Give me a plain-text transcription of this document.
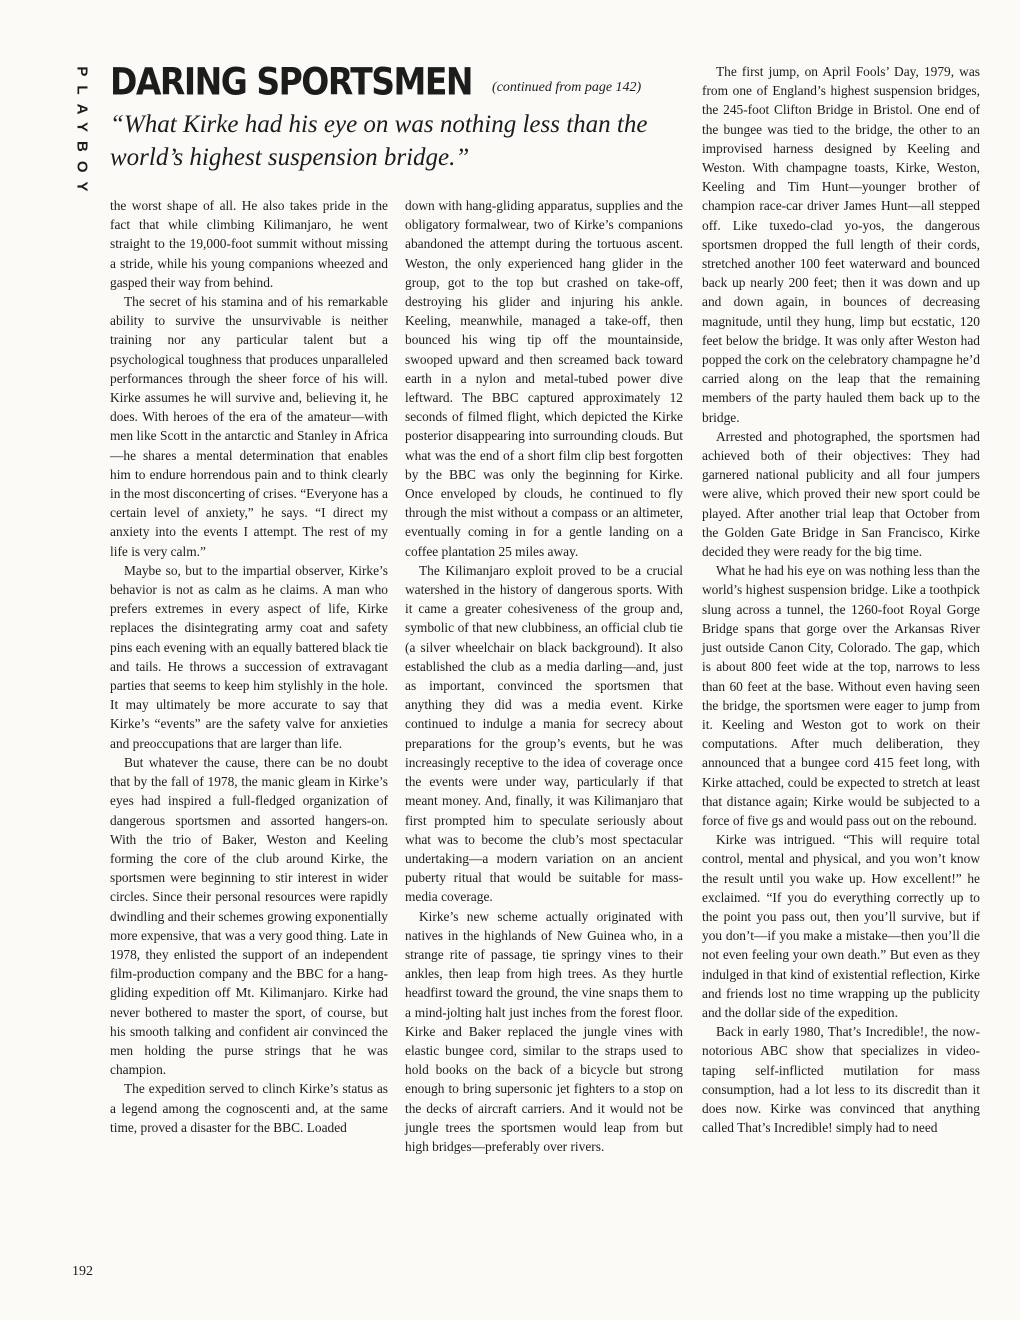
PLAYBOY DARING SPORTSMEN (continued from page 142)

“What Kirke had his eye on was nothing less than the world’s highest suspension bridge.”

the worst shape of all. He also takes pride in the fact that while climbing Kilimanjaro, he went straight to the 19,000-foot summit without missing a stride, while his young companions wheezed and gasped their way from behind.

The secret of his stamina and of his remarkable ability to survive the unsurvivable is neither training nor any particular talent but a psychological toughness that produces unparalleled performances through the sheer force of his will. Kirke assumes he will survive and, believing it, he does. With heroes of the era of the amateur—with men like Scott in the antarctic and Stanley in Africa—he shares a mental determination that enables him to endure horrendous pain and to think clearly in the most disconcerting of crises. “Everyone has a certain level of anxiety,” he says. “I direct my anxiety into the events I attempt. The rest of my life is very calm.”

Maybe so, but to the impartial observer, Kirke’s behavior is not as calm as he claims. A man who prefers extremes in every aspect of life, Kirke replaces the disintegrating army coat and safety pins each evening with an equally battered black tie and tails. He throws a succession of extravagant parties that seems to keep him stylishly in the hole. It may ultimately be more accurate to say that Kirke’s “events” are the safety valve for anxieties and preoccupations that are larger than life.

But whatever the cause, there can be no doubt that by the fall of 1978, the manic gleam in Kirke’s eyes had inspired a full-fledged organization of dangerous sportsmen and assorted hangers-on. With the trio of Baker, Weston and Keeling forming the core of the club around Kirke, the sportsmen were beginning to stir interest in wider circles. Since their personal resources were rapidly dwindling and their schemes growing exponentially more expensive, that was a very good thing. Late in 1978, they enlisted the support of an independent film-production company and the BBC for a hang-gliding expedition off Mt. Kilimanjaro. Kirke had never bothered to master the sport, of course, but his smooth talking and confident air convinced the men holding the purse strings that he was champion.

The expedition served to clinch Kirke’s status as a legend among the cognoscenti and, at the same time, proved a disaster for the BBC. Loaded

down with hang-gliding apparatus, supplies and the obligatory formalwear, two of Kirke’s companions abandoned the attempt during the tortuous ascent. Weston, the only experienced hang glider in the group, got to the top but crashed on take-off, destroying his glider and injuring his ankle. Keeling, meanwhile, managed a take-off, then bounced his wing tip off the mountainside, swooped upward and then screamed back toward earth in a nylon and metal-tubed power dive leftward. The BBC captured approximately 12 seconds of filmed flight, which depicted the Kirke posterior disappearing into surrounding clouds. But what was the end of a short film clip best forgotten by the BBC was only the beginning for Kirke. Once enveloped by clouds, he continued to fly through the mist without a compass or an altimeter, eventually coming in for a gentle landing on a coffee plantation 25 miles away.

The Kilimanjaro exploit proved to be a crucial watershed in the history of dangerous sports. With it came a greater cohesiveness of the group and, symbolic of that new clubbiness, an official club tie (a silver wheelchair on black background). It also established the club as a media darling—and, just as important, convinced the sportsmen that anything they did was a media event. Kirke continued to indulge a mania for secrecy about preparations for the group’s events, but he was increasingly receptive to the idea of coverage once the events were under way, particularly if that meant money. And, finally, it was Kilimanjaro that first prompted him to speculate seriously about what was to become the club’s most spectacular undertaking—a modern variation on an ancient puberty ritual that would be suitable for mass-media coverage.

Kirke’s new scheme actually originated with natives in the highlands of New Guinea who, in a strange rite of passage, tie springy vines to their ankles, then leap from high trees. As they hurtle headfirst toward the ground, the vine snaps them to a mind-jolting halt just inches from the forest floor. Kirke and Baker replaced the jungle vines with elastic bungee cord, similar to the straps used to hold books on the back of a bicycle but strong enough to bring supersonic jet fighters to a stop on the decks of aircraft carriers. And it would not be jungle trees the sportsmen would leap from but high bridges—preferably over rivers.

The first jump, on April Fools’ Day, 1979, was from one of England’s highest suspension bridges, the 245-foot Clifton Bridge in Bristol. One end of the bungee was tied to the bridge, the other to an improvised harness designed by Keeling and Weston. With champagne toasts, Kirke, Weston, Keeling and Tim Hunt—younger brother of champion race-car driver James Hunt—all stepped off. Like tuxedo-clad yo-yos, the dangerous sportsmen dropped the full length of their cords, stretched another 100 feet waterward and bounced back up nearly 200 feet; then it was down and up and down again, in bounces of decreasing magnitude, until they hung, limp but ecstatic, 120 feet below the bridge. It was only after Weston had popped the cork on the celebratory champagne he’d carried along on the leap that the remaining members of the party hauled them back up to the bridge.

Arrested and photographed, the sportsmen had achieved both of their objectives: They had garnered national publicity and all four jumpers were alive, which proved their new sport could be played. After another trial leap that October from the Golden Gate Bridge in San Francisco, Kirke decided they were ready for the big time.

What he had his eye on was nothing less than the world’s highest suspension bridge. Like a toothpick slung across a tunnel, the 1260-foot Royal Gorge Bridge spans that gorge over the Arkansas River just outside Canon City, Colorado. The gap, which is about 800 feet wide at the top, narrows to less than 60 feet at the base. Without even having seen the bridge, the sportsmen were eager to jump from it. Keeling and Weston got to work on their computations. After much deliberation, they announced that a bungee cord 415 feet long, with Kirke attached, could be expected to stretch at least that distance again; Kirke would be subjected to a force of five gs and would pass out on the rebound.

Kirke was intrigued. “This will require total control, mental and physical, and you won’t know the result until you wake up. How excellent!” he exclaimed. “If you do everything correctly up to the point you pass out, then you’ll survive, but if you don’t—if you make a mistake—then you’ll die not even feeling your own death.” But even as they indulged in that kind of existential reflection, Kirke and friends lost no time wrapping up the publicity and the dollar side of the expedition.

Back in early 1980, That’s Incredible!, the now-notorious ABC show that specializes in video-taping self-inflicted mutilation for mass consumption, had a lot less to its discredit than it does now. Kirke was convinced that anything called That’s Incredible! simply had to need

192
